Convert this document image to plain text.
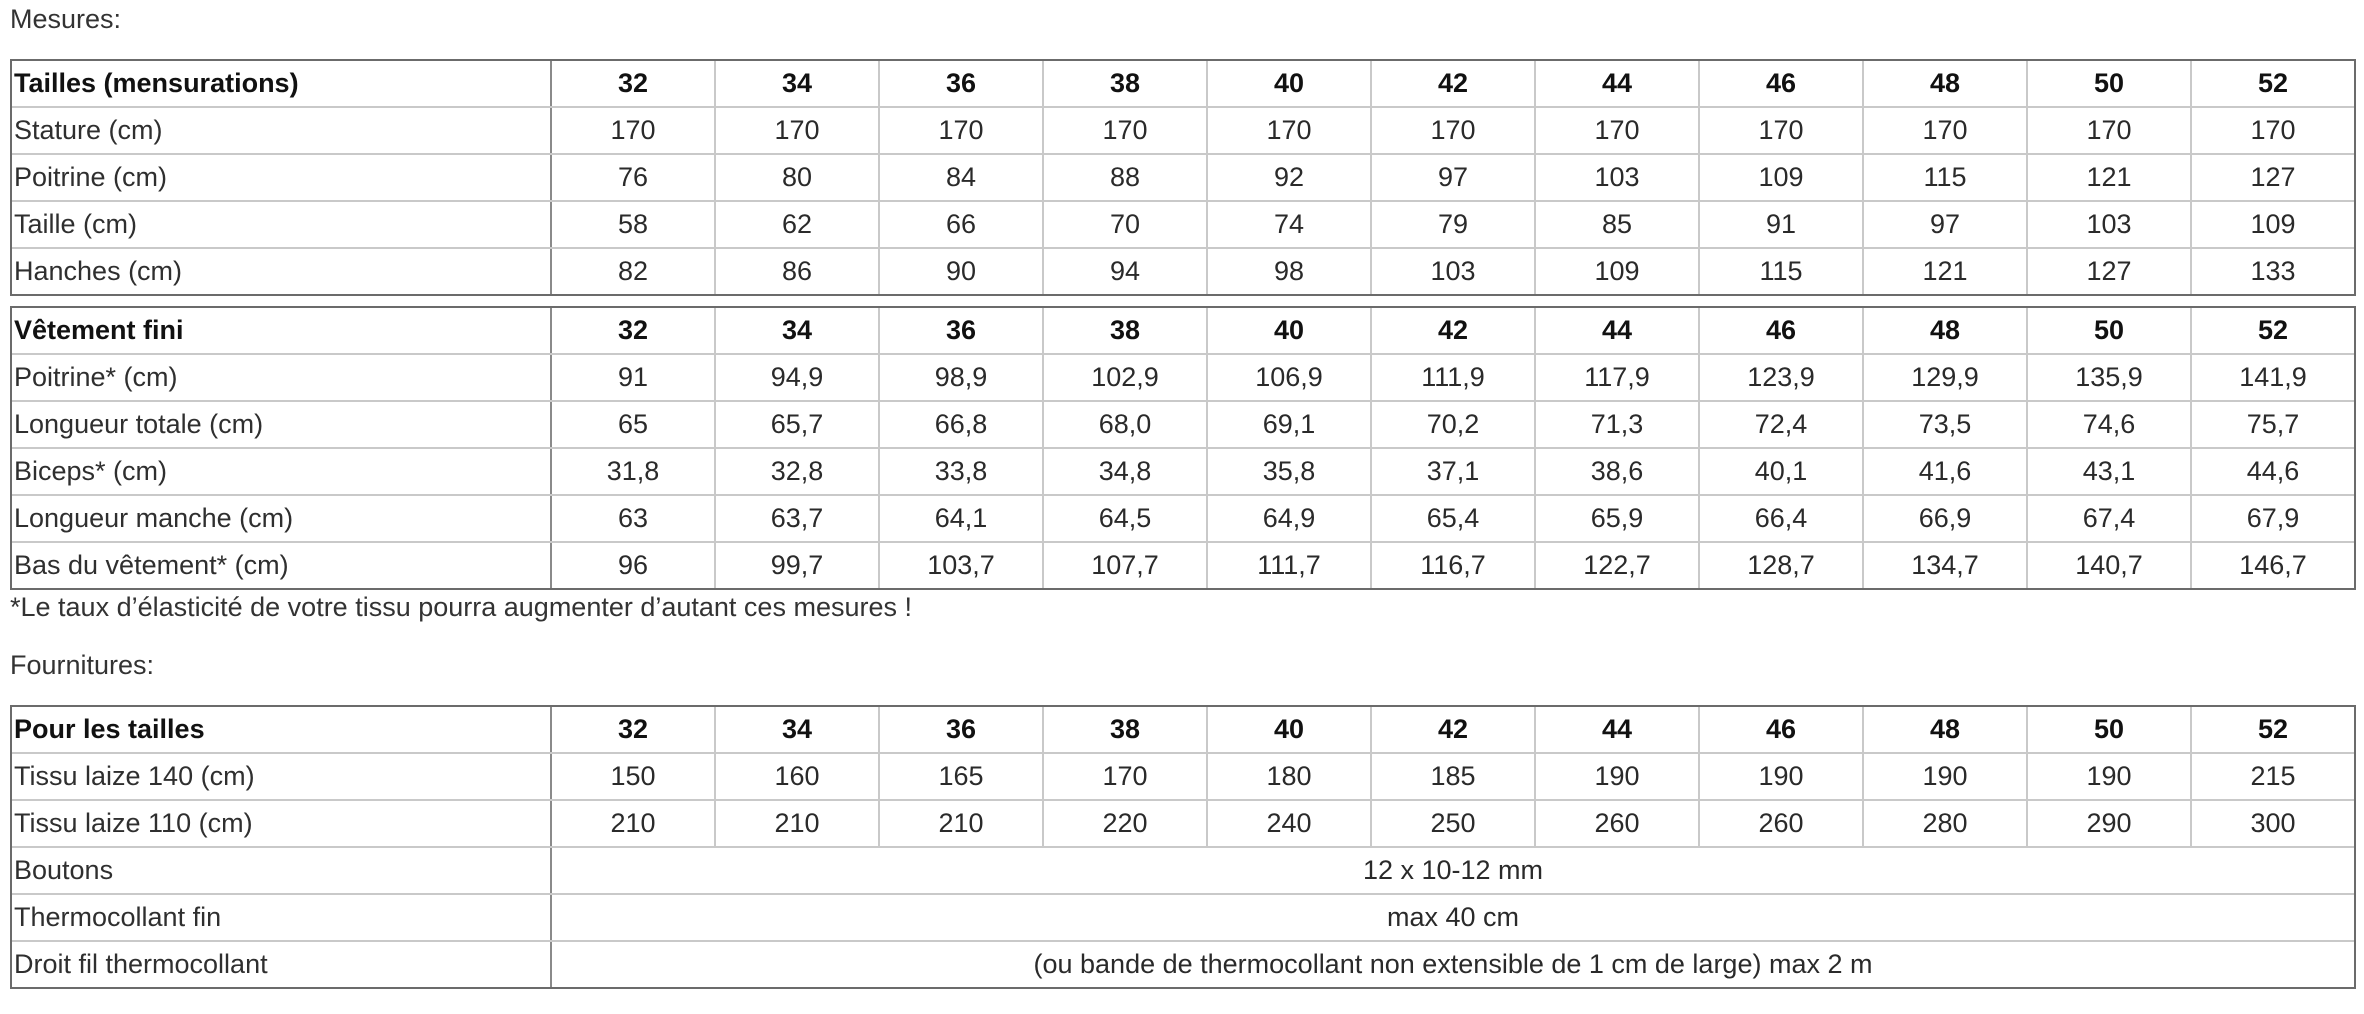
Mesures:
Tailles (mensurations)	32	34	36	38	40	42	44	46	48	50	52
Stature (cm)	170	170	170	170	170	170	170	170	170	170	170
Poitrine (cm)	76	80	84	88	92	97	103	109	115	121	127
Taille (cm)	58	62	66	70	74	79	85	91	97	103	109
Hanches (cm)	82	86	90	94	98	103	109	115	121	127	133
Vêtement fini	32	34	36	38	40	42	44	46	48	50	52
Poitrine* (cm)	91	94,9	98,9	102,9	106,9	111,9	117,9	123,9	129,9	135,9	141,9
Longueur totale (cm)	65	65,7	66,8	68,0	69,1	70,2	71,3	72,4	73,5	74,6	75,7
Biceps* (cm)	31,8	32,8	33,8	34,8	35,8	37,1	38,6	40,1	41,6	43,1	44,6
Longueur manche (cm)	63	63,7	64,1	64,5	64,9	65,4	65,9	66,4	66,9	67,4	67,9
Bas du vêtement* (cm)	96	99,7	103,7	107,7	111,7	116,7	122,7	128,7	134,7	140,7	146,7
*Le taux d’élasticité de votre tissu pourra augmenter d’autant ces mesures !
Fournitures:
Pour les tailles	32	34	36	38	40	42	44	46	48	50	52
Tissu laize 140 (cm)	150	160	165	170	180	185	190	190	190	190	215
Tissu laize 110 (cm)	210	210	210	220	240	250	260	260	280	290	300
Boutons	12 x 10-12 mm										
Thermocollant fin	max 40 cm										
Droit fil thermocollant	(ou bande de thermocollant non extensible de 1 cm de large) max 2 m										
